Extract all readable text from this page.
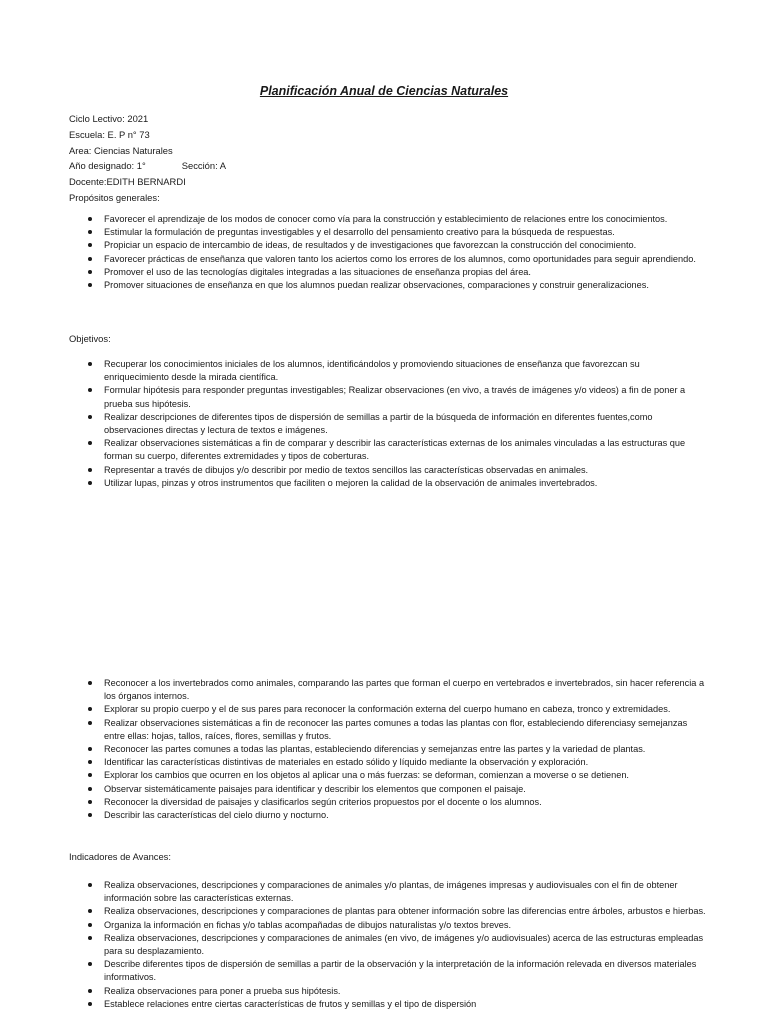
Planificación Anual de Ciencias Naturales
Ciclo Lectivo: 2021
Escuela: E. P n° 73
Area: Ciencias Naturales
Año designado: 1°	Sección: A
Docente:EDITH BERNARDI
Propósitos generales:
Favorecer el aprendizaje de los modos de conocer como vía para la construcción y establecimiento de relaciones entre los conocimientos.
Estimular la formulación de preguntas investigables y el desarrollo del pensamiento creativo para la búsqueda de respuestas.
Propiciar un espacio de intercambio de ideas, de resultados y de investigaciones que favorezcan la construcción del conocimiento.
Favorecer prácticas de enseñanza que valoren tanto los aciertos como los errores de los alumnos, como oportunidades para seguir aprendiendo.
Promover el uso de las tecnologías digitales integradas a las situaciones de enseñanza propias del área.
Promover situaciones de enseñanza en que los alumnos puedan realizar observaciones, comparaciones y construir generalizaciones.
Objetivos:
Recuperar los conocimientos iniciales de los alumnos, identificándolos y promoviendo situaciones de enseñanza que favorezcan su enriquecimiento desde la mirada científica.
Formular hipótesis para responder preguntas investigables; Realizar observaciones (en vivo, a través de imágenes y/o videos) a fin de poner a prueba sus hipótesis.
Realizar descripciones de diferentes tipos de dispersión de semillas a partir de la búsqueda de información en diferentes fuentes,como observaciones directas y lectura de textos e imágenes.
Realizar observaciones sistemáticas a fin de comparar y describir las características externas de los animales vinculadas a las estructuras que forman su cuerpo, diferentes extremidades y tipos de coberturas.
Representar a través de dibujos y/o describir por medio de textos sencillos las características observadas en animales.
Utilizar lupas, pinzas y otros instrumentos que faciliten o mejoren la calidad de la observación de animales invertebrados.
Reconocer a los invertebrados como animales, comparando las partes que forman el cuerpo en vertebrados e invertebrados, sin hacer referencia a los órganos internos.
Explorar su propio cuerpo y el de sus pares para reconocer la conformación externa del cuerpo humano en cabeza, tronco y extremidades.
Realizar observaciones sistemáticas a fin de reconocer las partes comunes a todas las plantas con flor, estableciendo diferenciasy semejanzas entre ellas: hojas, tallos, raíces, flores, semillas y frutos.
Reconocer las partes comunes a todas las plantas, estableciendo diferencias y semejanzas entre las partes y la variedad de plantas.
Identificar las características distintivas de materiales en estado sólido y líquido mediante la observación y exploración.
Explorar los cambios que ocurren en los objetos al aplicar una o más fuerzas: se deforman, comienzan a moverse o se detienen.
Observar sistemáticamente paisajes para identificar y describir los elementos que componen el paisaje.
Reconocer la diversidad de paisajes y clasificarlos según criterios propuestos por el docente o los alumnos.
Describir las características del cielo diurno y nocturno.
Indicadores de Avances:
Realiza observaciones, descripciones y comparaciones de animales y/o plantas, de imágenes impresas y audiovisuales con el fin de obtener información sobre las características externas.
Realiza observaciones, descripciones y comparaciones de plantas para obtener información sobre las diferencias entre árboles, arbustos e hierbas.
Organiza la información en fichas y/o tablas acompañadas de dibujos naturalistas y/o textos breves.
Realiza observaciones, descripciones y comparaciones de animales (en vivo, de imágenes y/o audiovisuales) acerca de las estructuras empleadas para su desplazamiento.
Describe diferentes tipos de dispersión de semillas a partir de la observación y la interpretación de la información relevada en diversos materiales informativos.
Realiza observaciones para poner a prueba sus hipótesis.
Establece relaciones entre ciertas características de frutos y semillas y el tipo de dispersión
